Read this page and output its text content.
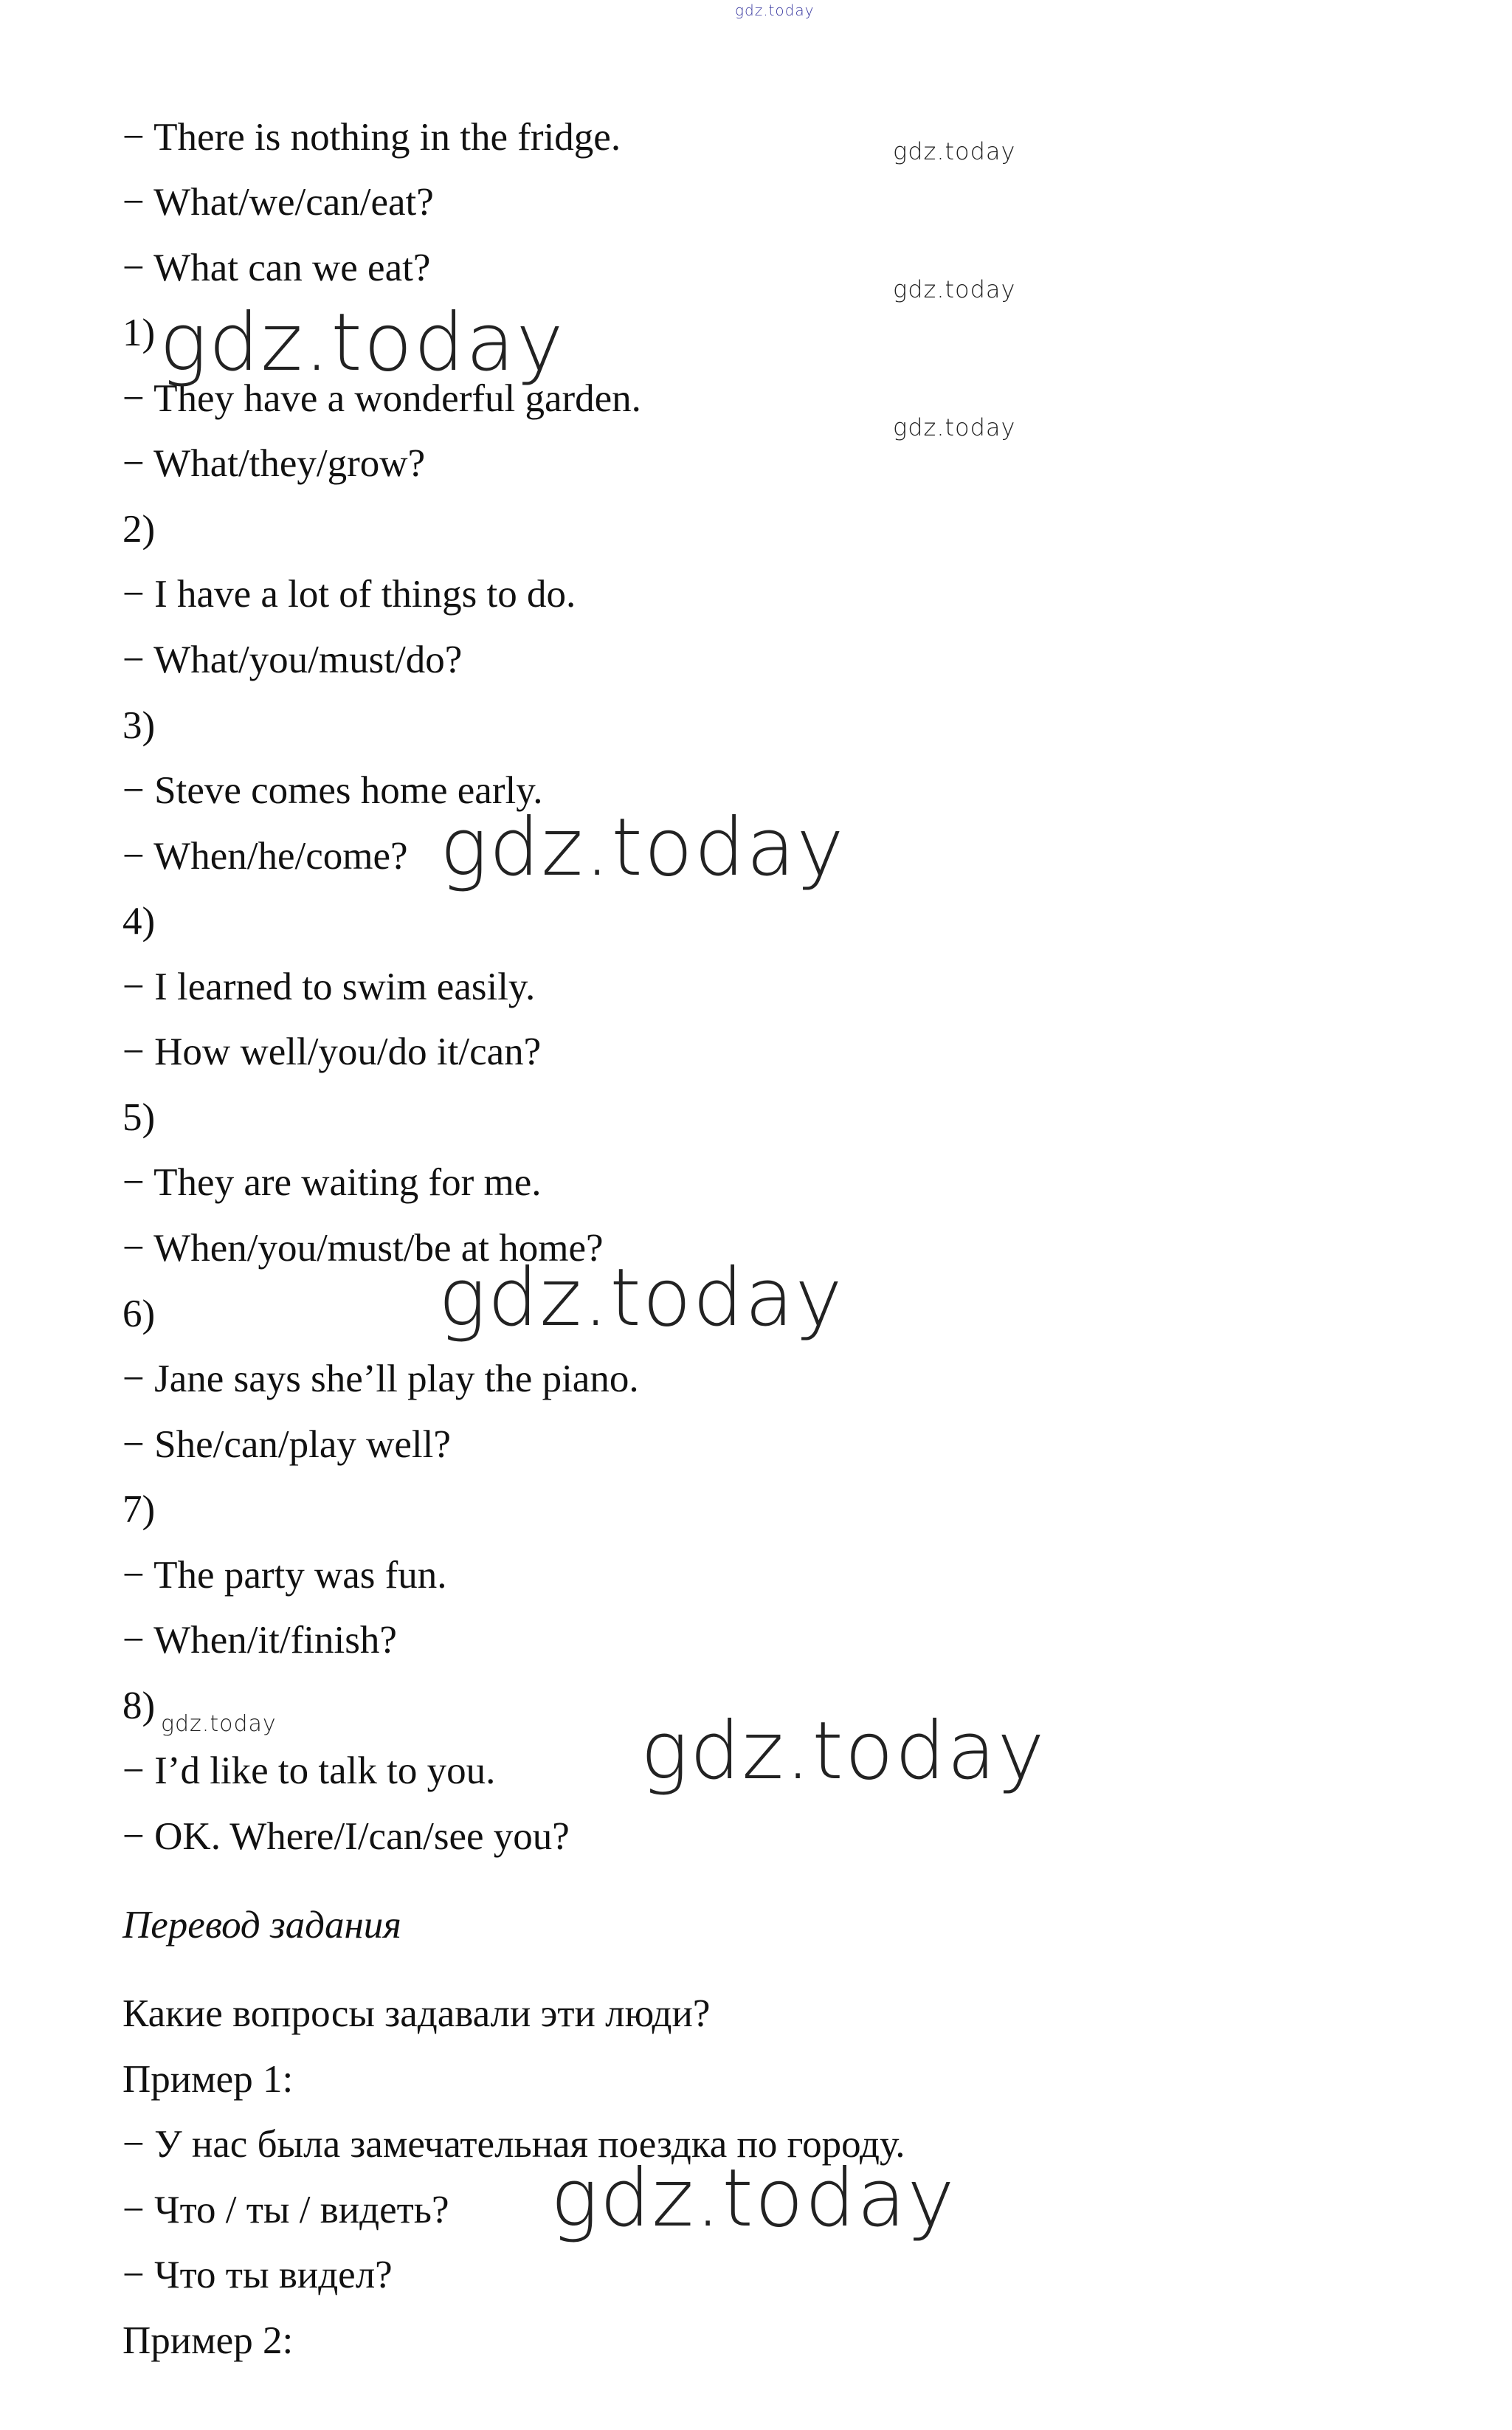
gdz.today
− There is nothing in the fridge.
− What/we/can/eat?
− What can we eat?
1)
− They have a wonderful garden.
− What/they/grow?
2)
− I have a lot of things to do.
− What/you/must/do?
3)
− Steve comes home early.
− When/he/come?
4)
− I learned to swim easily.
− How well/you/do it/can?
5)
− They are waiting for me.
− When/you/must/be at home?
6)
− Jane says she’ll play the piano.
− She/can/play well?
7)
− The party was fun.
− When/it/finish?
8)
− I’d like to talk to you.
− OK. Where/I/can/see you?
Перевод задания
Какие вопросы задавали эти люди?
Пример 1:
− У нас была замечательная поездка по городу.
− Что / ты / видеть?
− Что ты видел?
Пример 2:
gdz.today
gdz.today
gdz.today
gdz.today
gdz.today
gdz.today
gdz.today	gdz.today
gdz.today
